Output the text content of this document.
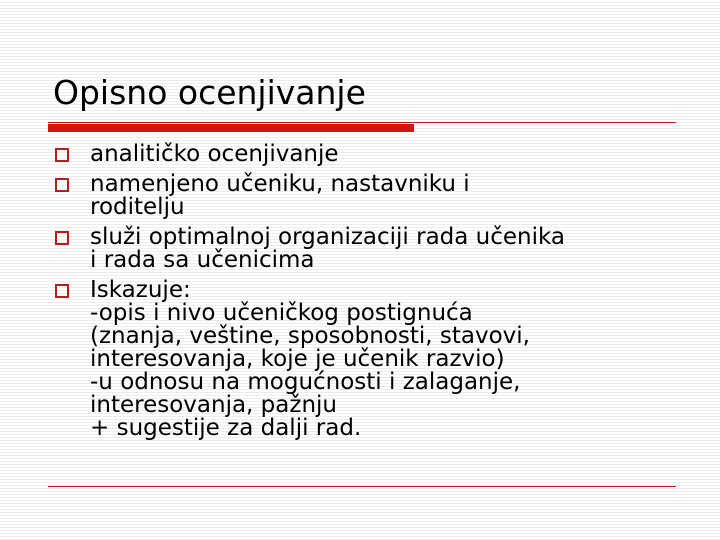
Opisno ocenjivanje
analitičko ocenjivanje
namenjeno učeniku, nastavniku i
roditelju
služi optimalnoj organizaciji rada učenika
i rada sa učenicima
Iskazuje:
-opis i nivo učeničkog postignuća
(znanja, veštine, sposobnosti, stavovi,
interesovanja, koje je učenik razvio)
-u odnosu na mogućnosti i zalaganje,
interesovanja, pažnju
+ sugestije za dalji rad.
